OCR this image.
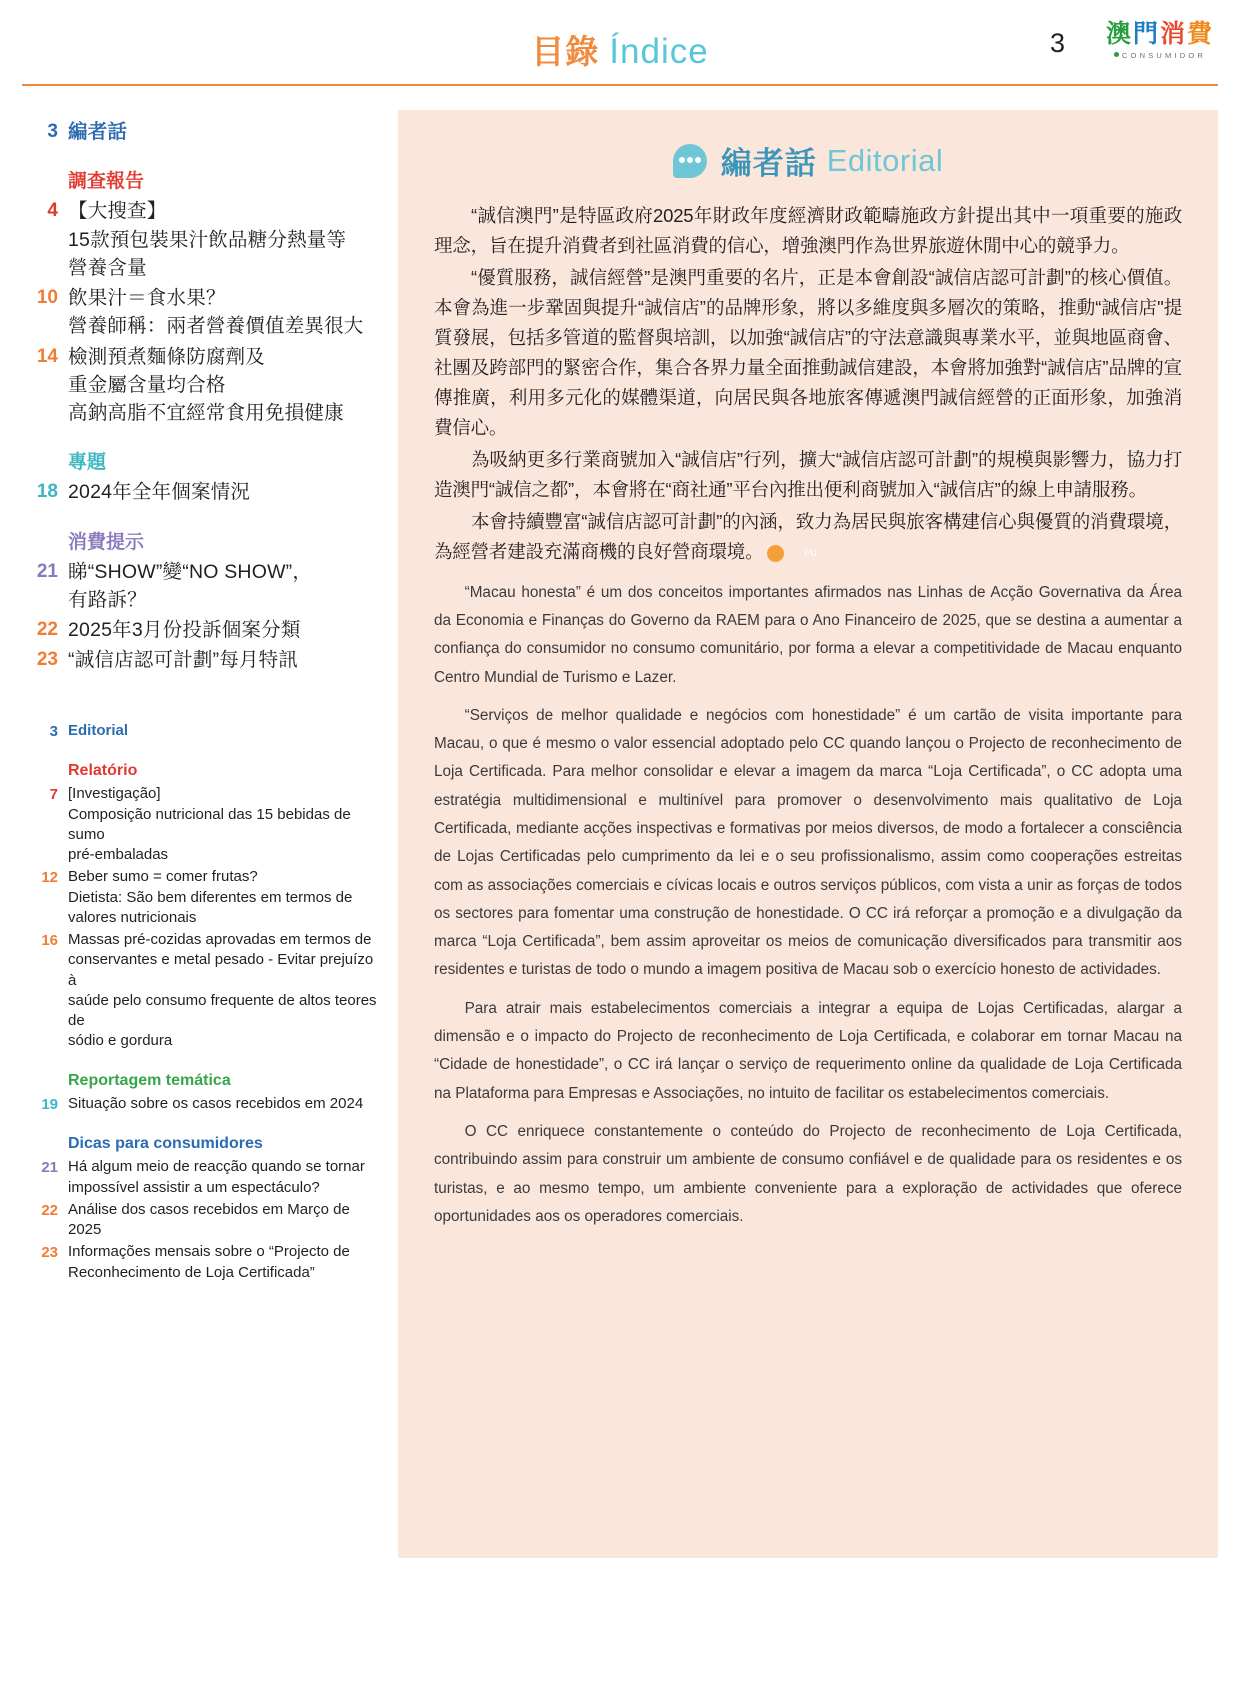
目錄 Índice	3 澳門消費
CONSUMIDOR
3 編者話
調查報告
4 【大搜查】
15款預包裝果汁飲品糖分熱量等
營養含量
10 飲果汁＝食水果？
營養師稱：兩者營養價值差異很大
14 檢測預煮麵條防腐劑及
重金屬含量均合格
高鈉高脂不宜經常食用免損健康
專題
18 2024年全年個案情況
消費提示
21 睇“SHOW”變“NO SHOW”，
有路訴？
22 2025年3月份投訴個案分類
23 “誠信店認可計劃”每月特訊
3 Editorial
Relatório
7 [Investigação]
Composição nutricional das 15 bebidas de sumo
pré-embaladas
12 Beber sumo = comer frutas?
Dietista: São bem diferentes em termos de
valores nutricionais
16 Massas pré-cozidas aprovadas em termos de
conservantes e metal pesado - Evitar prejuízo à
saúde pelo consumo frequente de altos teores de
sódio e gordura
Reportagem temática
19 Situação sobre os casos recebidos em 2024
Dicas para consumidores
21 Há algum meio de reacção quando se tornar
impossível assistir a um espectáculo?
22 Análise dos casos recebidos em Março de 2025
23 Informações mensais sobre o “Projecto de
Reconhecimento de Loja Certificada”
編者話 Editorial

“誠信澳門”是特區政府2025年財政年度經濟財政範疇施政方針提出其中一項重要的施政理念，旨在提升消費者到社區消費的信心，增強澳門作為世界旅遊休閒中心的競爭力。

“優質服務，誠信經營”是澳門重要的名片，正是本會創設“誠信店認可計劃”的核心價值。本會為進一步鞏固與提升“誠信店”的品牌形象，將以多維度與多層次的策略，推動“誠信店"提質發展，包括多管道的監督與培訓，以加強“誠信店”的守法意識與專業水平，並與地區商會、社團及跨部門的緊密合作，集合各界力量全面推動誠信建設，本會將加強對“誠信店”品牌的宣傳推廣，利用多元化的媒體渠道，向居民與各地旅客傳遞澳門誠信經營的正面形象，加強消費信心。

為吸納更多行業商號加入“誠信店”行列，擴大“誠信店認可計劃”的規模與影響力，協力打造澳門“誠信之都”，本會將在“商社通”平台內推出便利商號加入“誠信店”的線上申請服務。

本會持續豐富“誠信店認可計劃”的內涵，致力為居民與旅客構建信心與優質的消費環境，為經營者建設充滿商機的良好營商環境。	PU

“Macau honesta” é um dos conceitos importantes afirmados nas Linhas de Acção Governativa da Área da Economia e Finanças do Governo da RAEM para o Ano Financeiro de 2025, que se destina a aumentar a confiança do consumidor no consumo comunitário, por forma a elevar a competitividade de Macau enquanto Centro Mundial de Turismo e Lazer.

“Serviços de melhor qualidade e negócios com honestidade” é um cartão de visita importante para Macau, o que é mesmo o valor essencial adoptado pelo CC quando lançou o Projecto de reconhecimento de Loja Certificada. Para melhor consolidar e elevar a imagem da marca “Loja Certificada”, o CC adopta uma estratégia multidimensional e multinível para promover o desenvolvimento mais qualitativo de Loja Certificada, mediante acções inspectivas e formativas por meios diversos, de modo a fortalecer a consciência de Lojas Certificadas pelo cumprimento da lei e o seu profissionalismo, assim como cooperações estreitas com as associações comerciais e cívicas locais e outros serviços públicos, com vista a unir as forças de todos os sectores para fomentar uma construção de honestidade. O CC irá reforçar a promoção e a divulgação da marca “Loja Certificada”, bem assim aproveitar os meios de comunicação diversificados para transmitir aos residentes e turistas de todo o mundo a imagem positiva de Macau sob o exercício honesto de actividades.

Para atrair mais estabelecimentos comerciais a integrar a equipa de Lojas Certificadas, alargar a dimensão e o impacto do Projecto de reconhecimento de Loja Certificada, e colaborar em tornar Macau na “Cidade de honestidade”, o CC irá lançar o serviço de requerimento online da qualidade de Loja Certificada na Plataforma para Empresas e Associações, no intuito de facilitar os estabelecimentos comerciais.

O CC enriquece constantemente o conteúdo do Projecto de reconhecimento de Loja Certificada, contribuindo assim para construir um ambiente de consumo confiável e de qualidade para os residentes e os turistas, e ao mesmo tempo, um ambiente conveniente para a exploração de actividades que oferece oportunidades aos os operadores comerciais.
